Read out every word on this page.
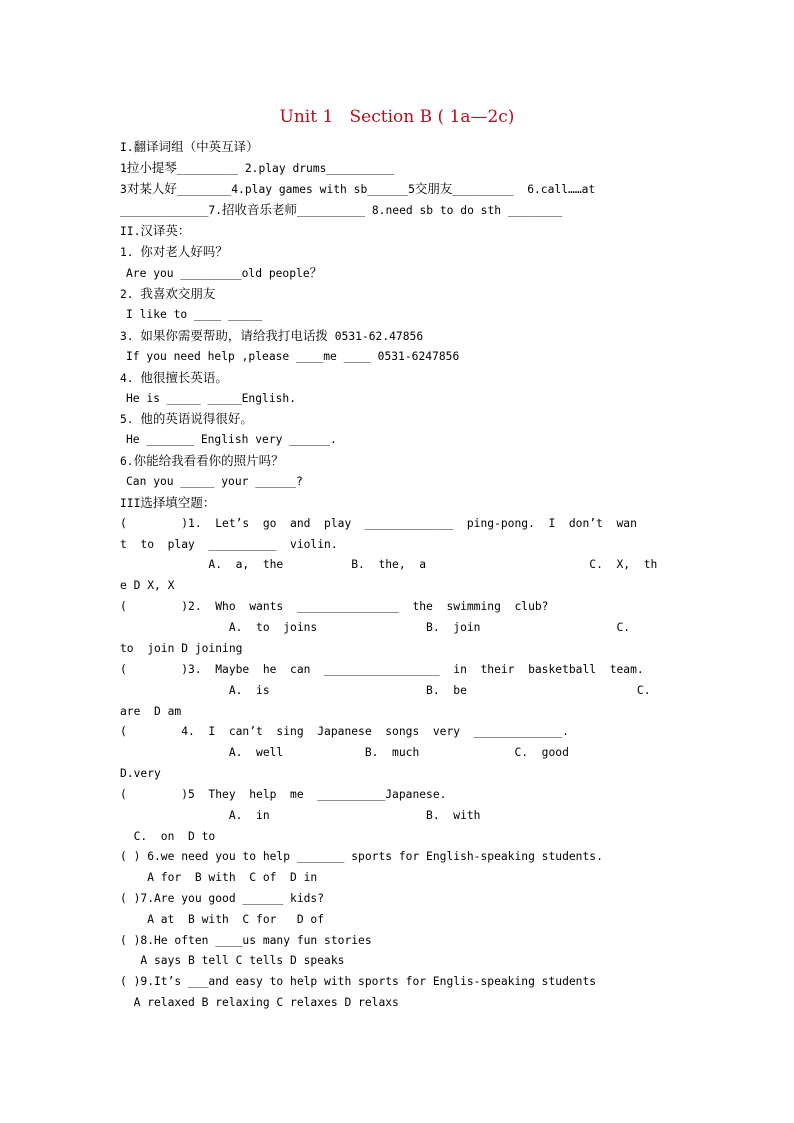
Unit 1   Section B ( 1a—2c)

I.翻译词组（中英互译）

1拉小提琴_________ 2.play drums__________

3对某人好________4.play games with sb______5交朋友_________  6.call……at

_____________7.招收音乐老师__________ 8.need sb to do sth ________

II.汉译英：

1. 你对老人好吗？

Are you _________old people？

2. 我喜欢交朋友

I like to ____ _____

3. 如果你需要帮助，请给我打电话拨 0531-62.47856

If you need help ,please ____me ____ 0531-6247856

4. 他很擅长英语。

He is _____ _____English.

5. 他的英语说得很好。

He _______ English very ______.

6.你能给我看看你的照片吗？

Can you _____ your ______?

III选择填空题：

(        )1.  Let’s  go  and  play  _____________  ping-pong.  I  don’t  wan

t  to  play  __________  violin.

A.  a,  the          B.  the,  a                        C.  X,  th

e D X, X

(        )2.  Who  wants  _______________  the  swimming  club?

A.  to  joins                B.  join                    C.

to  join D joining

(        )3.  Maybe  he  can  _________________  in  their  basketball  team.

A.  is                       B.  be                         C.

are  D am

(        4.  I  can’t  sing  Japanese  songs  very  _____________.

A.  well            B.  much              C.  good

D.very

(        )5  They  help  me  __________Japanese.

A.  in                       B.  with

C.  on  D to

( ) 6.we need you to help _______ sports for English-speaking students.

A for  B with  C of  D in

( )7.Are you good ______ kids?

A at  B with  C for   D of

( )8.He often ____us many fun stories

A says B tell C tells D speaks

( )9.It’s ___and easy to help with sports for Englis-speaking students

A relaxed B relaxing C relaxes D relaxs
